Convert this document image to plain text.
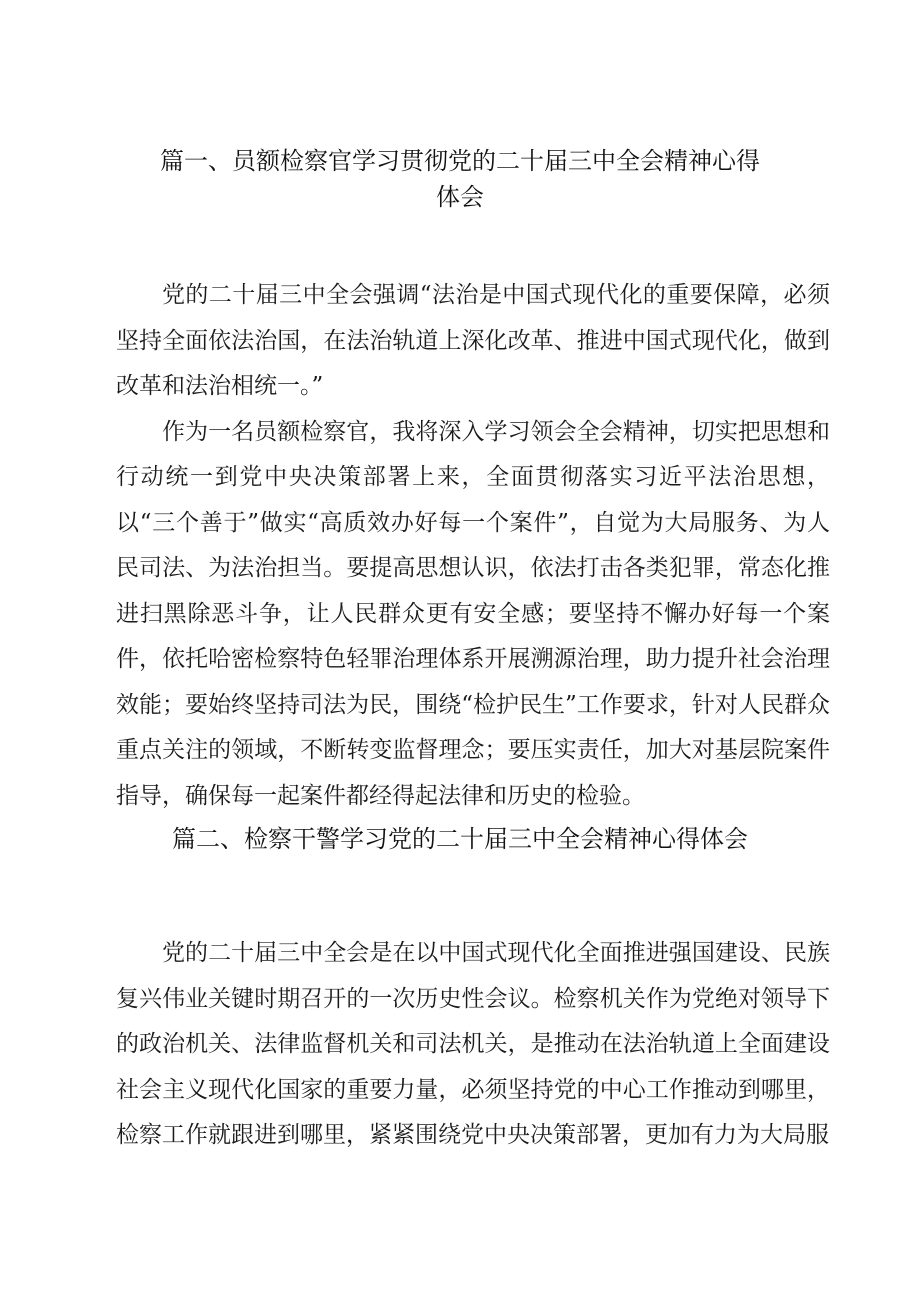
篇一、员额检察官学习贯彻党的二十届三中全会精神心得
体会

党的二十届三中全会强调“法治是中国式现代化的重要保障，必须坚持全面依法治国，在法治轨道上深化改革、推进中国式现代化，做到改革和法治相统一。”

作为一名员额检察官，我将深入学习领会全会精神，切实把思想和行动统一到党中央决策部署上来，全面贯彻落实习近平法治思想，以“三个善于”做实“高质效办好每一个案件”，自觉为大局服务、为人民司法、为法治担当。要提高思想认识，依法打击各类犯罪，常态化推进扫黑除恶斗争，让人民群众更有安全感；要坚持不懈办好每一个案件，依托哈密检察特色轻罪治理体系开展溯源治理，助力提升社会治理效能；要始终坚持司法为民，围绕“检护民生”工作要求，针对人民群众重点关注的领域，不断转变监督理念；要压实责任，加大对基层院案件指导，确保每一起案件都经得起法律和历史的检验。

篇二、检察干警学习党的二十届三中全会精神心得体会

党的二十届三中全会是在以中国式现代化全面推进强国建设、民族复兴伟业关键时期召开的一次历史性会议。检察机关作为党绝对领导下的政治机关、法律监督机关和司法机关，是推动在法治轨道上全面建设社会主义现代化国家的重要力量，必须坚持党的中心工作推动到哪里，检察工作就跟进到哪里，紧紧围绕党中央决策部署，更加有力为大局服
